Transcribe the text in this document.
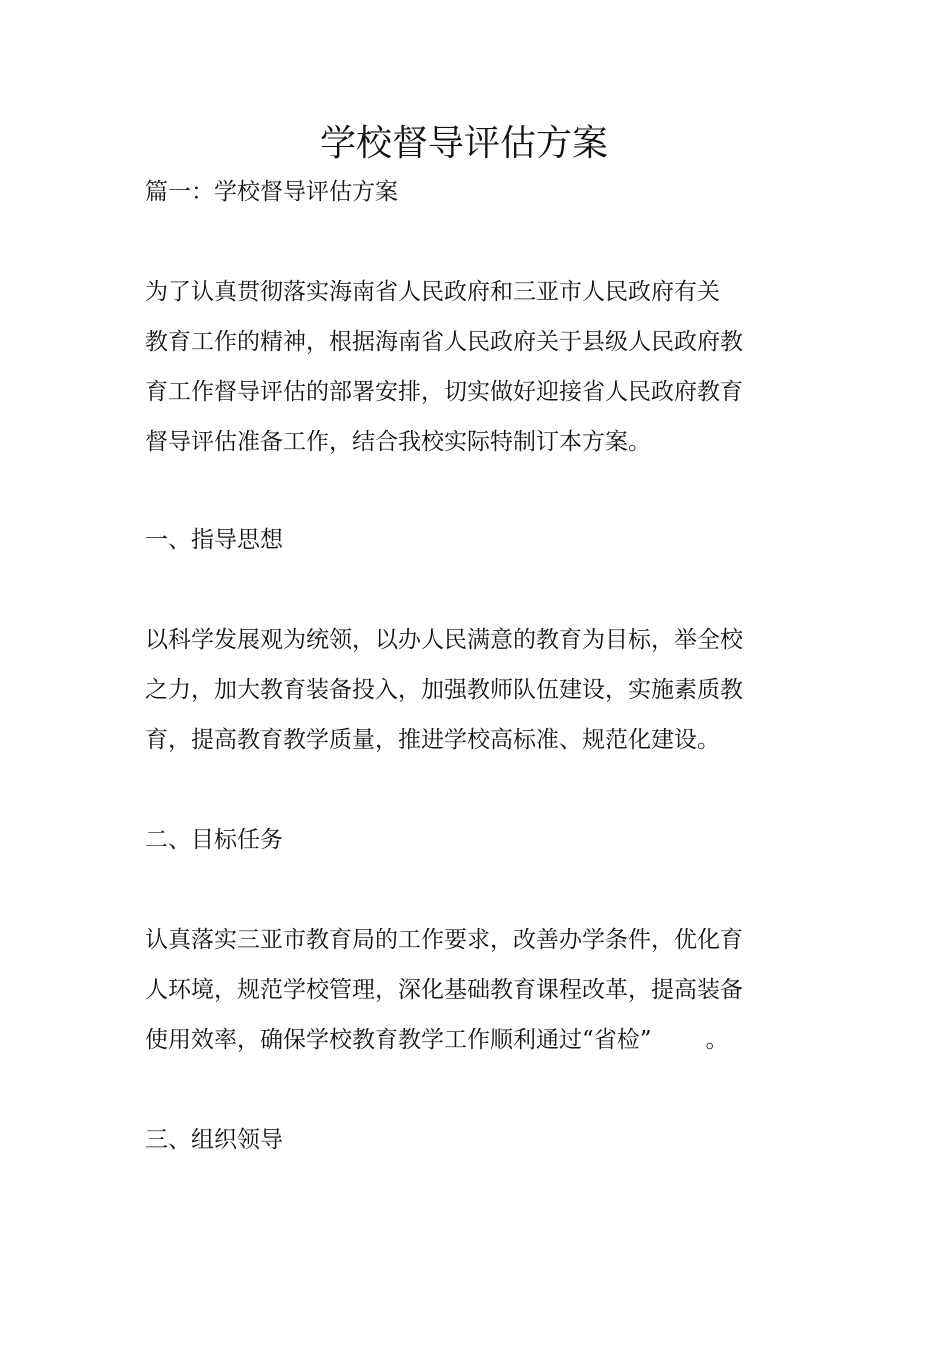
学校督导评估方案

篇一：学校督导评估方案

为了认真贯彻落实海南省人民政府和三亚市人民政府有关
教育工作的精神，根据海南省人民政府关于县级人民政府教
育工作督导评估的部署安排，切实做好迎接省人民政府教育
督导评估准备工作，结合我校实际特制订本方案。

一、指导思想

以科学发展观为统领，以办人民满意的教育为目标，举全校
之力，加大教育装备投入，加强教师队伍建设，实施素质教
育，提高教育教学质量，推进学校高标准、规范化建设。

二、目标任务

认真落实三亚市教育局的工作要求，改善办学条件，优化育
人环境，规范学校管理，深化基础教育课程改革，提高装备
使用效率，确保学校教育教学工作顺利通过“省检” 。

三、组织领导
